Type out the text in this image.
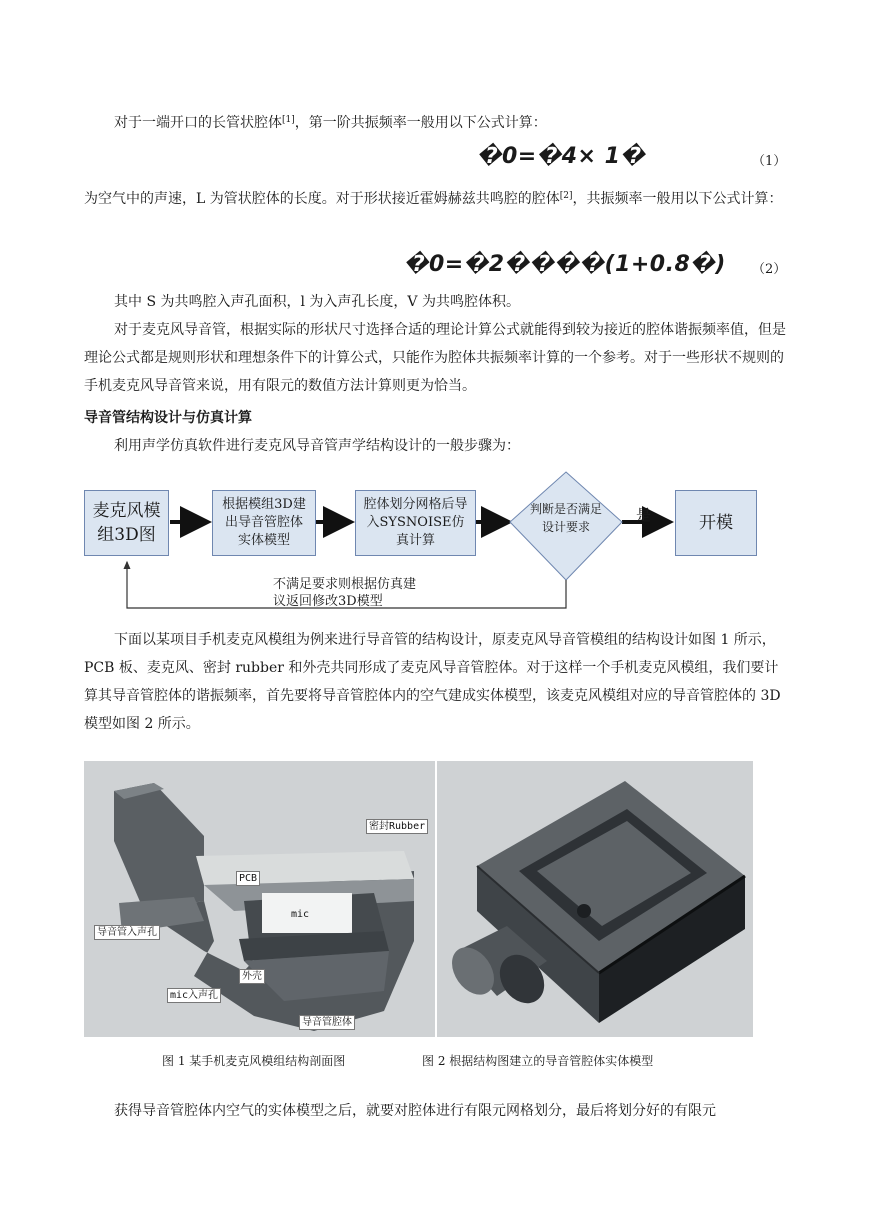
对于一端开口的长管状腔体[1]，第一阶共振频率一般用以下公式计算：

�0=�4× 1�	（1）

为空气中的声速，L 为管状腔体的长度。对于形状接近霍姆赫兹共鸣腔的腔体[2]，共振频率一般用以下公式计算：

�0=�2����(1+0.8�) （2）

其中 S 为共鸣腔入声孔面积，l 为入声孔长度，V 为共鸣腔体积。

对于麦克风导音管，根据实际的形状尺寸选择合适的理论计算公式就能得到较为接近的腔体谐振频率值，但是理论公式都是规则形状和理想条件下的计算公式，只能作为腔体共振频率计算的一个参考。对于一些形状不规则的手机麦克风导音管来说，用有限元的数值方法计算则更为恰当。

导音管结构设计与仿真计算

利用声学仿真软件进行麦克风导音管声学结构设计的一般步骤为：

麦克风模组3D图
根据模组3D建出导音管腔体实体模型
腔体划分网格后导入SYSNOISE仿真计算
判断是否满足设计要求
是	开模
不满足要求则根据仿真建议返回修改3D模型

下面以某项目手机麦克风模组为例来进行导音管的结构设计，原麦克风导音管模组的结构设计如图 1 所示，PCB 板、麦克风、密封 rubber 和外壳共同形成了麦克风导音管腔体。对于这样一个手机麦克风模组，我们要计算其导音管腔体的谐振频率，首先要将导音管腔体内的空气建成实体模型，该麦克风模组对应的导音管腔体的 3D 模型如图 2 所示。

密封Rubber
PCB
mic
导音管入声孔
mic入声孔
外壳
导音管腔体
图 1 某手机麦克风模组结构剖面图	图 2 根据结构图建立的导音管腔体实体模型

获得导音管腔体内空气的实体模型之后，就要对腔体进行有限元网格划分，最后将划分好的有限元
